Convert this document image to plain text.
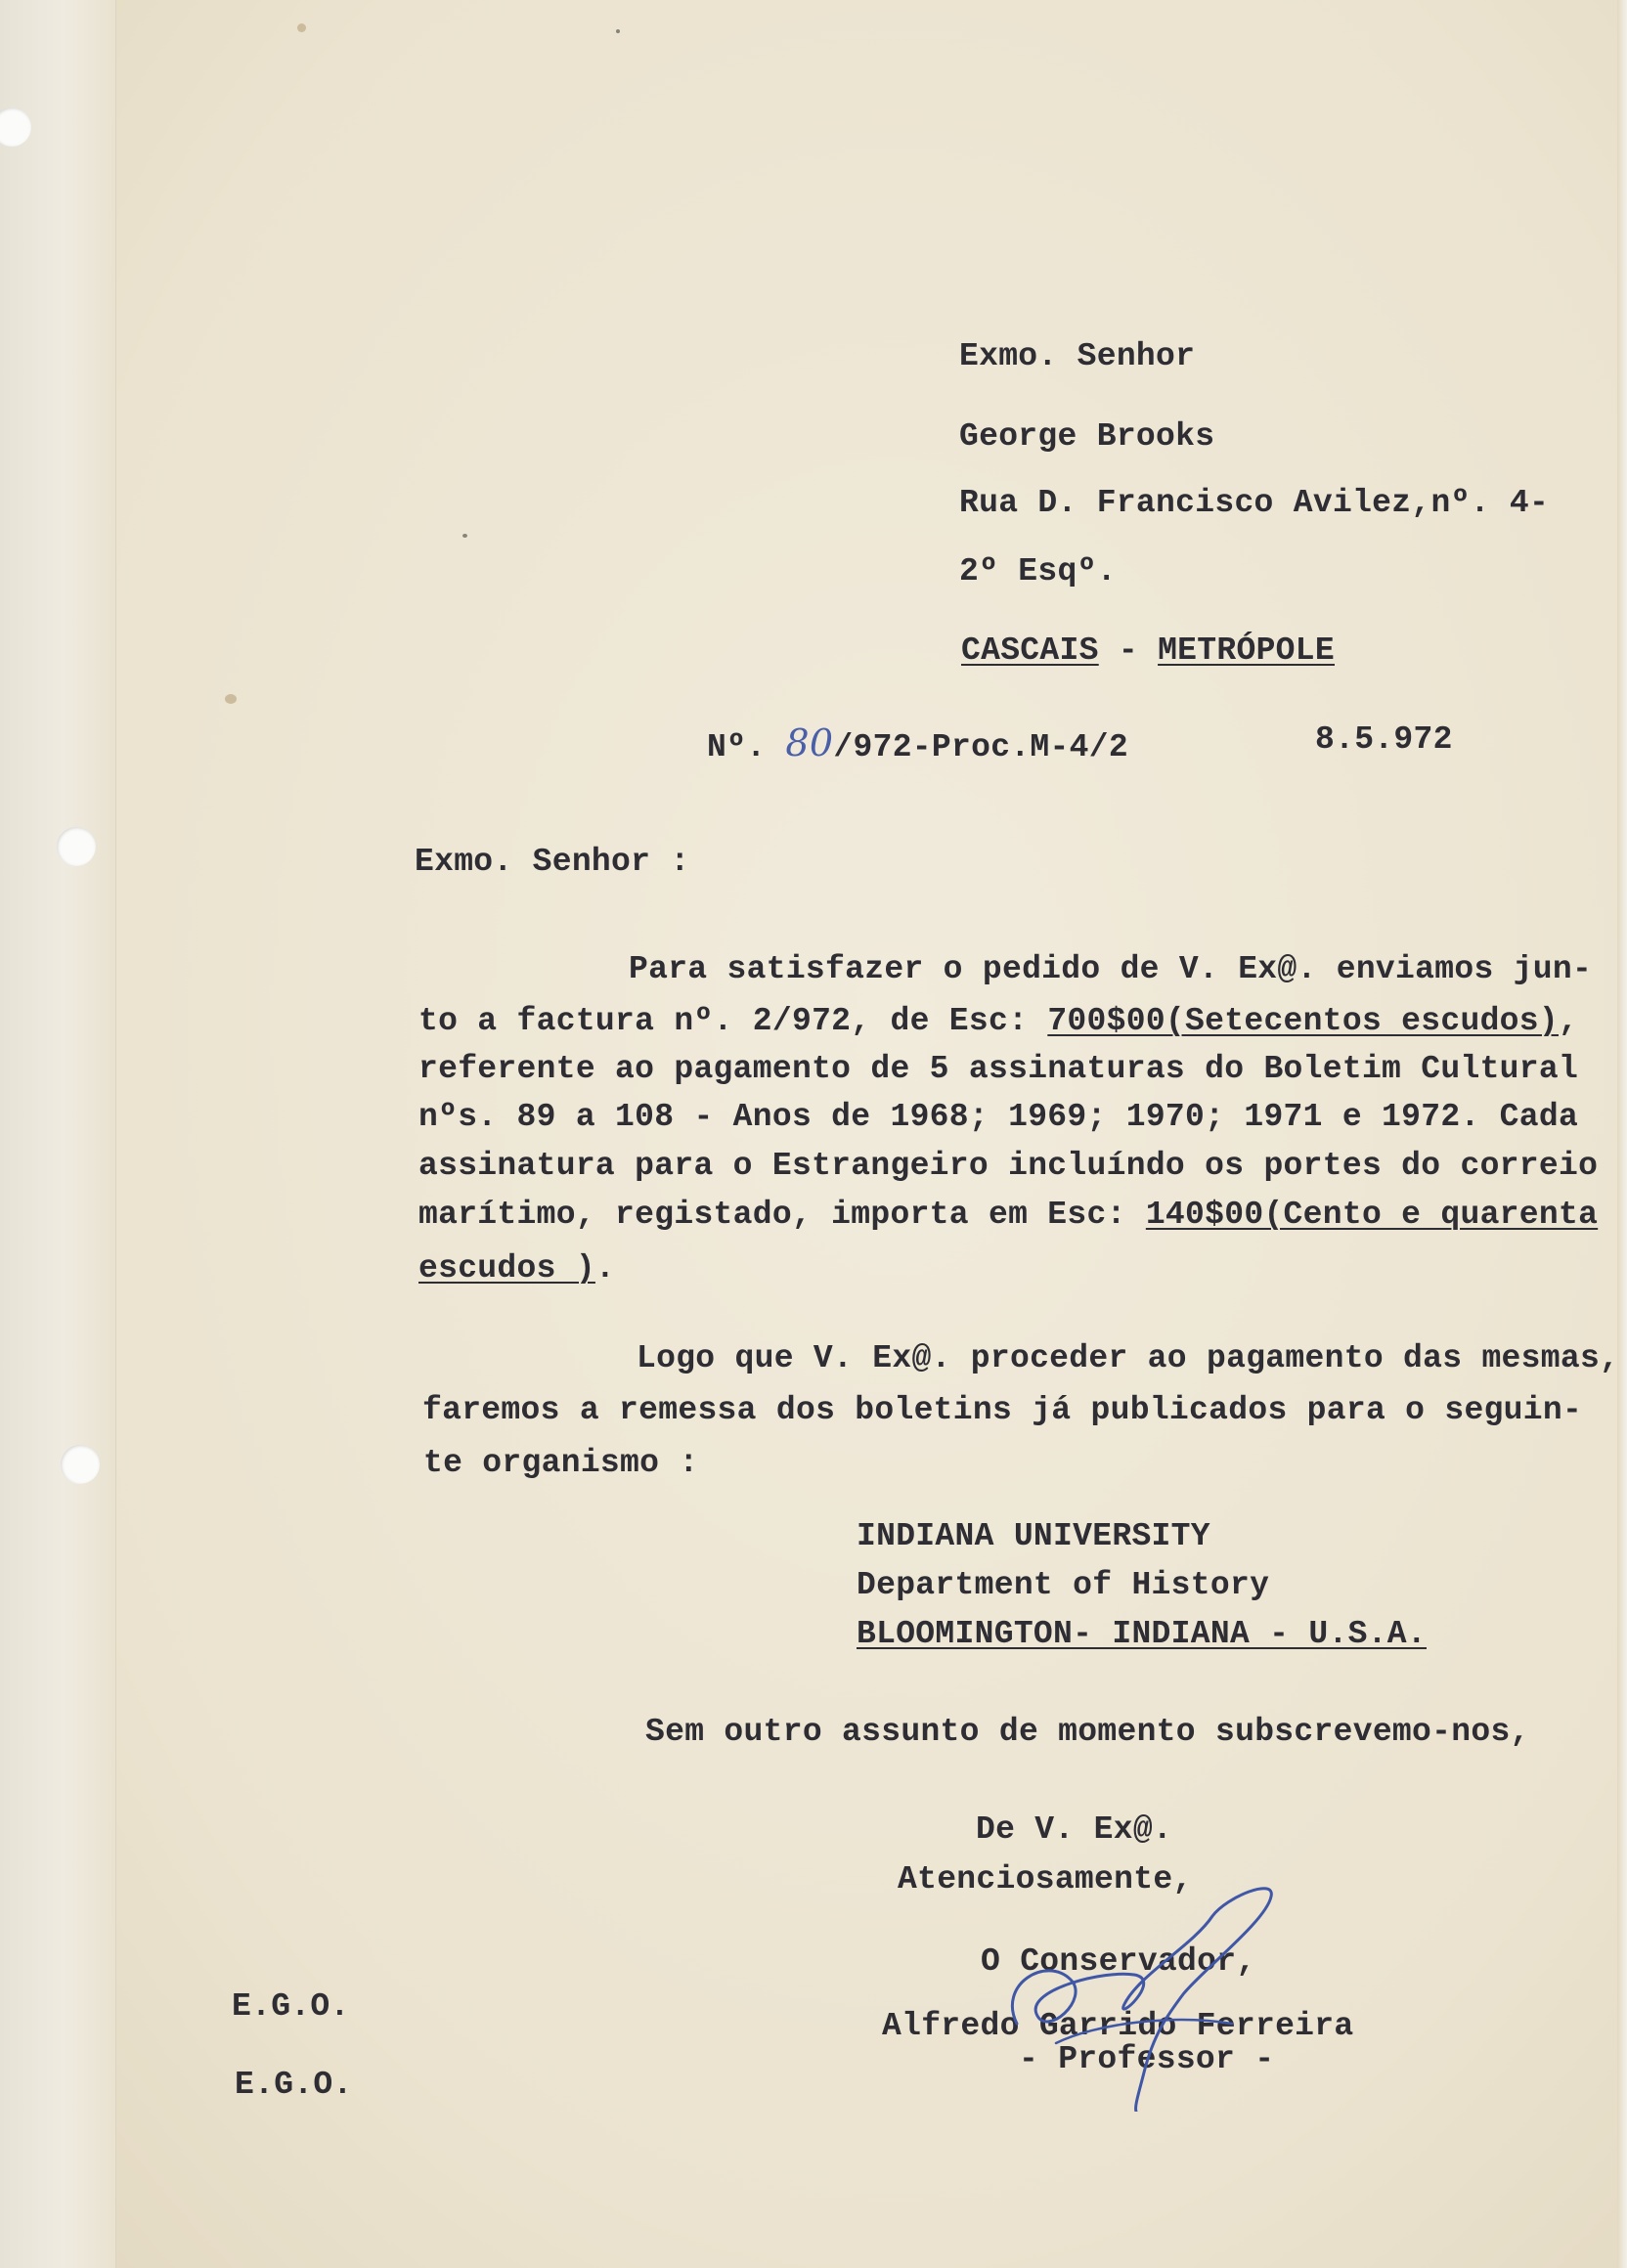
Exmo. Senhor
George Brooks
Rua D. Francisco Avilez,nº. 4-
2º Esqº.
CASCAIS - METRÓPOLE
Nº. 80/972-Proc.M-4/2	8.5.972
Exmo. Senhor :
Para satisfazer o pedido de V. Ex@. enviamos jun-
to a factura nº. 2/972, de Esc: 700$00(Setecentos escudos),
referente ao pagamento de 5 assinaturas do Boletim Cultural
nºs. 89 a 108 - Anos de 1968; 1969; 1970; 1971 e 1972. Cada
assinatura para o Estrangeiro incluíndo os portes do correio
marítimo, registado, importa em Esc: 140$00(Cento e quarenta
escudos ).
Logo que V. Ex@. proceder ao pagamento das mesmas,
faremos a remessa dos boletins já publicados para o seguin-
te organismo :
INDIANA UNIVERSITY
Department of History
BLOOMINGTON- INDIANA - U.S.A.
Sem outro assunto de momento subscrevemo-nos,
De V. Ex@.
Atenciosamente,
O Conservador,
Alfredo Garrido Ferreira
- Professor -
E.G.O.
E.G.O.
